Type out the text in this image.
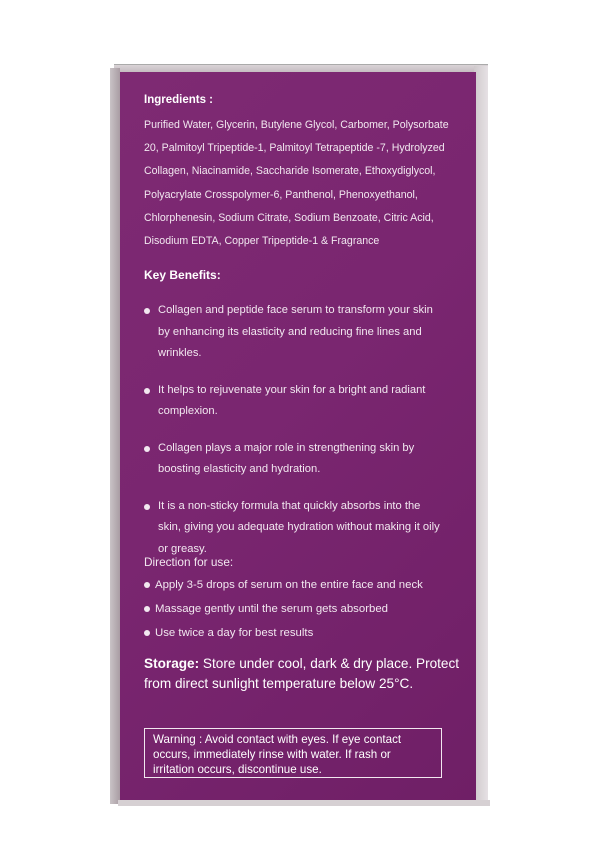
Ingredients :
Purified Water, Glycerin, Butylene Glycol, Carbomer, Polysorbate 20, Palmitoyl Tripeptide-1, Palmitoyl Tetrapeptide -7, Hydrolyzed Collagen, Niacinamide, Saccharide Isomerate, Ethoxydiglycol, Polyacrylate Crosspolymer-6, Panthenol, Phenoxyethanol, Chlorphenesin, Sodium Citrate, Sodium Benzoate, Citric Acid, Disodium EDTA, Copper Tripeptide-1 & Fragrance
Key Benefits:
Collagen and peptide face serum to transform your skin by enhancing its elasticity and reducing fine lines and wrinkles.
It helps to rejuvenate your skin for a bright and radiant complexion.
Collagen plays a major role in strengthening skin by boosting elasticity and hydration.
It is a non-sticky formula that quickly absorbs into the skin, giving you adequate hydration without making it oily or greasy.
Direction for use:
Apply 3-5 drops of serum on the entire face and neck
Massage gently until the serum gets absorbed
Use twice a day for best results
Storage: Store under cool, dark & dry place. Protect from direct sunlight temperature below 25°C.
Warning : Avoid contact with eyes. If eye contact occurs, immediately rinse with water. If rash or irritation occurs, discontinue use.
